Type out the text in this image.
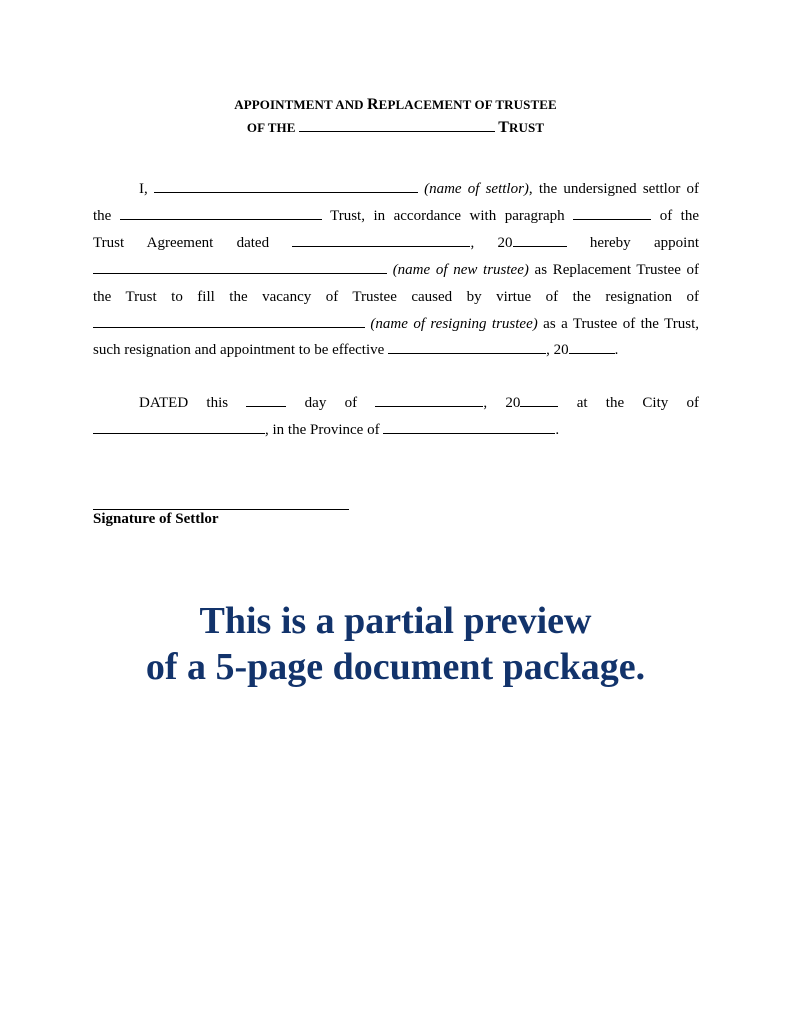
APPOINTMENT AND REPLACEMENT OF TRUSTEE
OF THE	TRUST
I,	(name of settlor), the undersigned settlor of
the	Trust, in accordance with paragraph	of the
Trust Agreement dated	, 20	hereby appoint
(name of new trustee) as Replacement Trustee of
the Trust to fill the vacancy of Trustee caused by virtue of the resignation of
(name of resigning trustee) as a Trustee of the Trust,
such resignation and appointment to be effective	, 20	.
DATED this	day of	, 20	at the City of
, in the Province of	.
Signature of Settlor
This is a partial preview
of a 5-page document package.
